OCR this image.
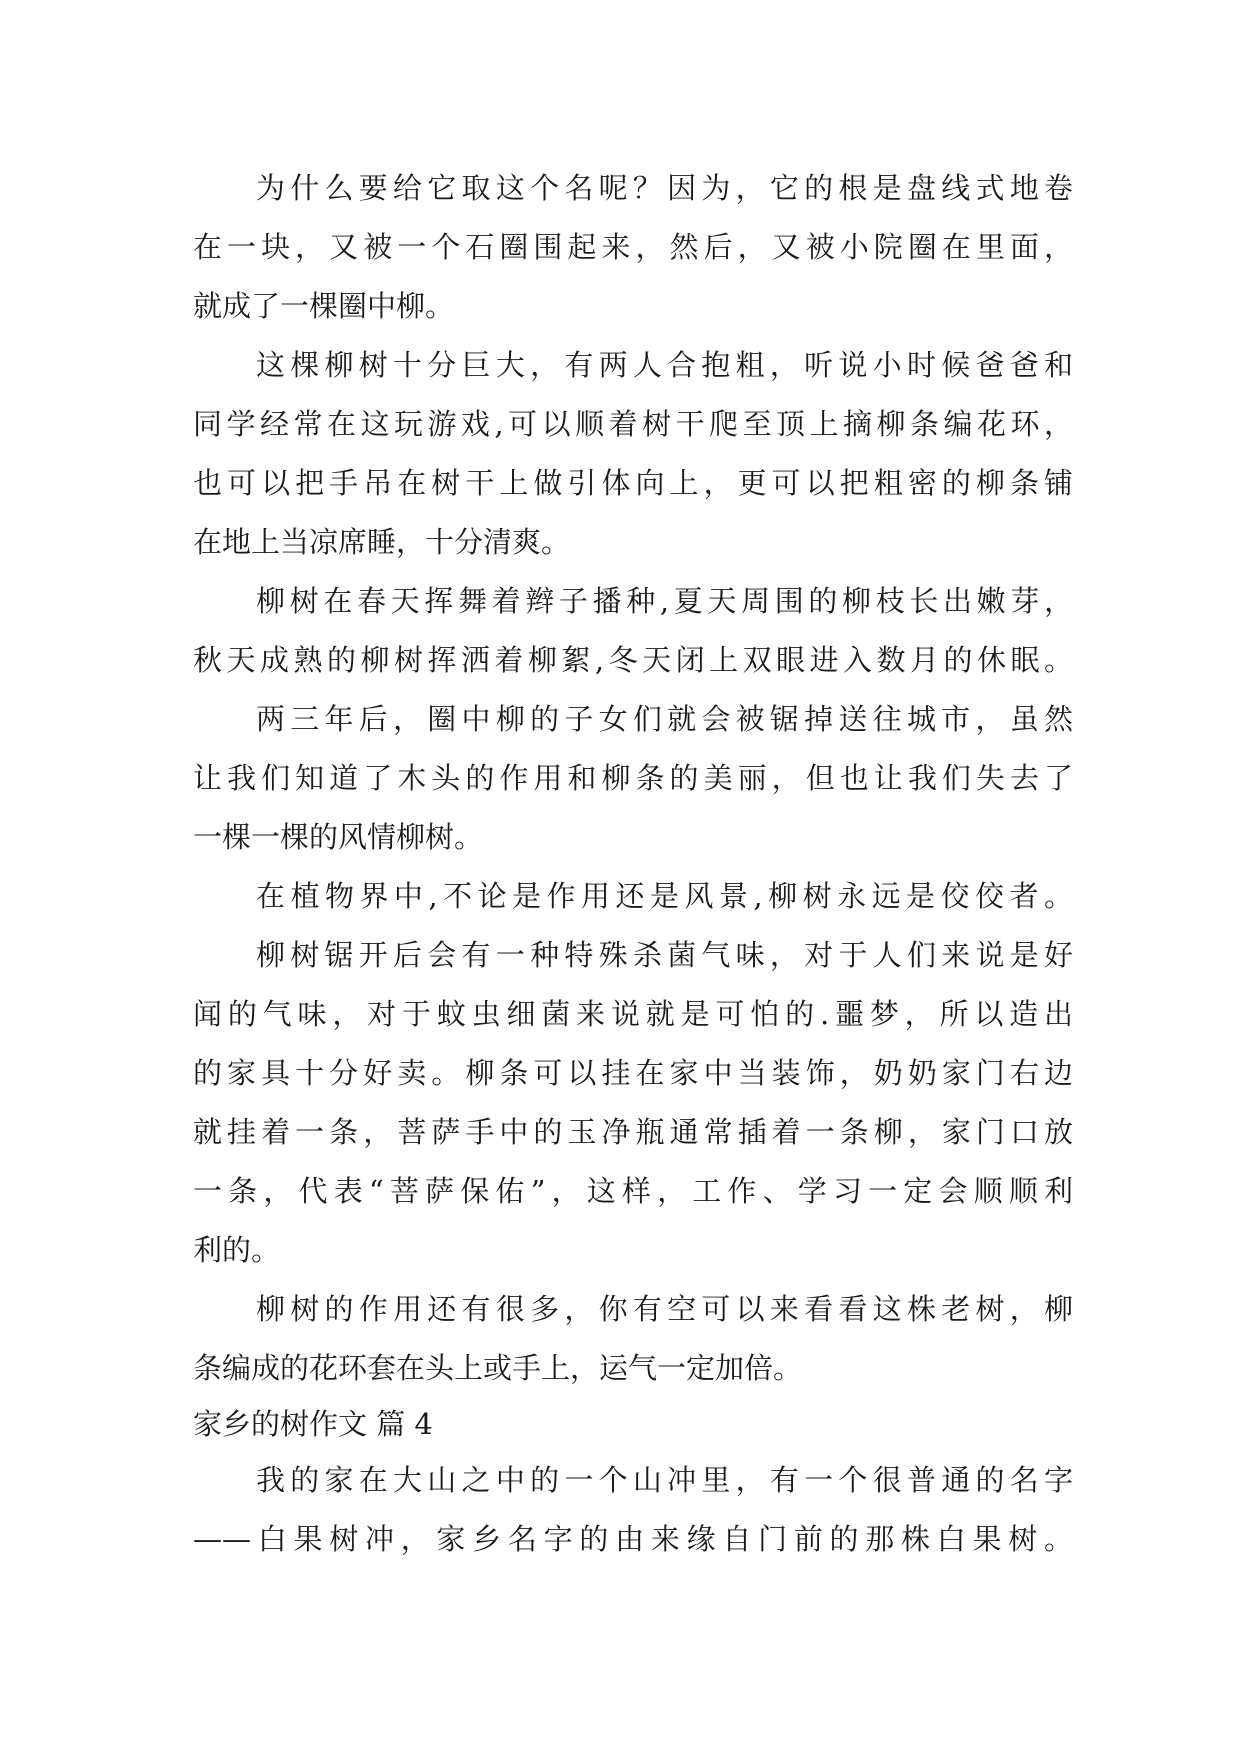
为什么要给它取这个名呢？因为，它的根是盘线式地卷
在一块，又被一个石圈围起来，然后，又被小院圈在里面，
就成了一棵圈中柳。
这棵柳树十分巨大，有两人合抱粗，听说小时候爸爸和
同学经常在这玩游戏,可以顺着树干爬至顶上摘柳条编花环，
也可以把手吊在树干上做引体向上，更可以把粗密的柳条铺
在地上当凉席睡，十分清爽。
柳树在春天挥舞着辫子播种,夏天周围的柳枝长出嫩芽，
秋天成熟的柳树挥洒着柳絮,冬天闭上双眼进入数月的休眠。
两三年后，圈中柳的子女们就会被锯掉送往城市，虽然
让我们知道了木头的作用和柳条的美丽，但也让我们失去了
一棵一棵的风情柳树。
在植物界中,不论是作用还是风景,柳树永远是佼佼者。
柳树锯开后会有一种特殊杀菌气味，对于人们来说是好
闻的气味，对于蚊虫细菌来说就是可怕的.噩梦，所以造出
的家具十分好卖。柳条可以挂在家中当装饰，奶奶家门右边
就挂着一条，菩萨手中的玉净瓶通常插着一条柳，家门口放
一条，代表“菩萨保佑”，这样，工作、学习一定会顺顺利
利的。
柳树的作用还有很多，你有空可以来看看这株老树，柳
条编成的花环套在头上或手上，运气一定加倍。
家乡的树作文 篇 4
我的家在大山之中的一个山冲里，有一个很普通的名字
——白果树冲，家乡名字的由来缘自门前的那株白果树。
